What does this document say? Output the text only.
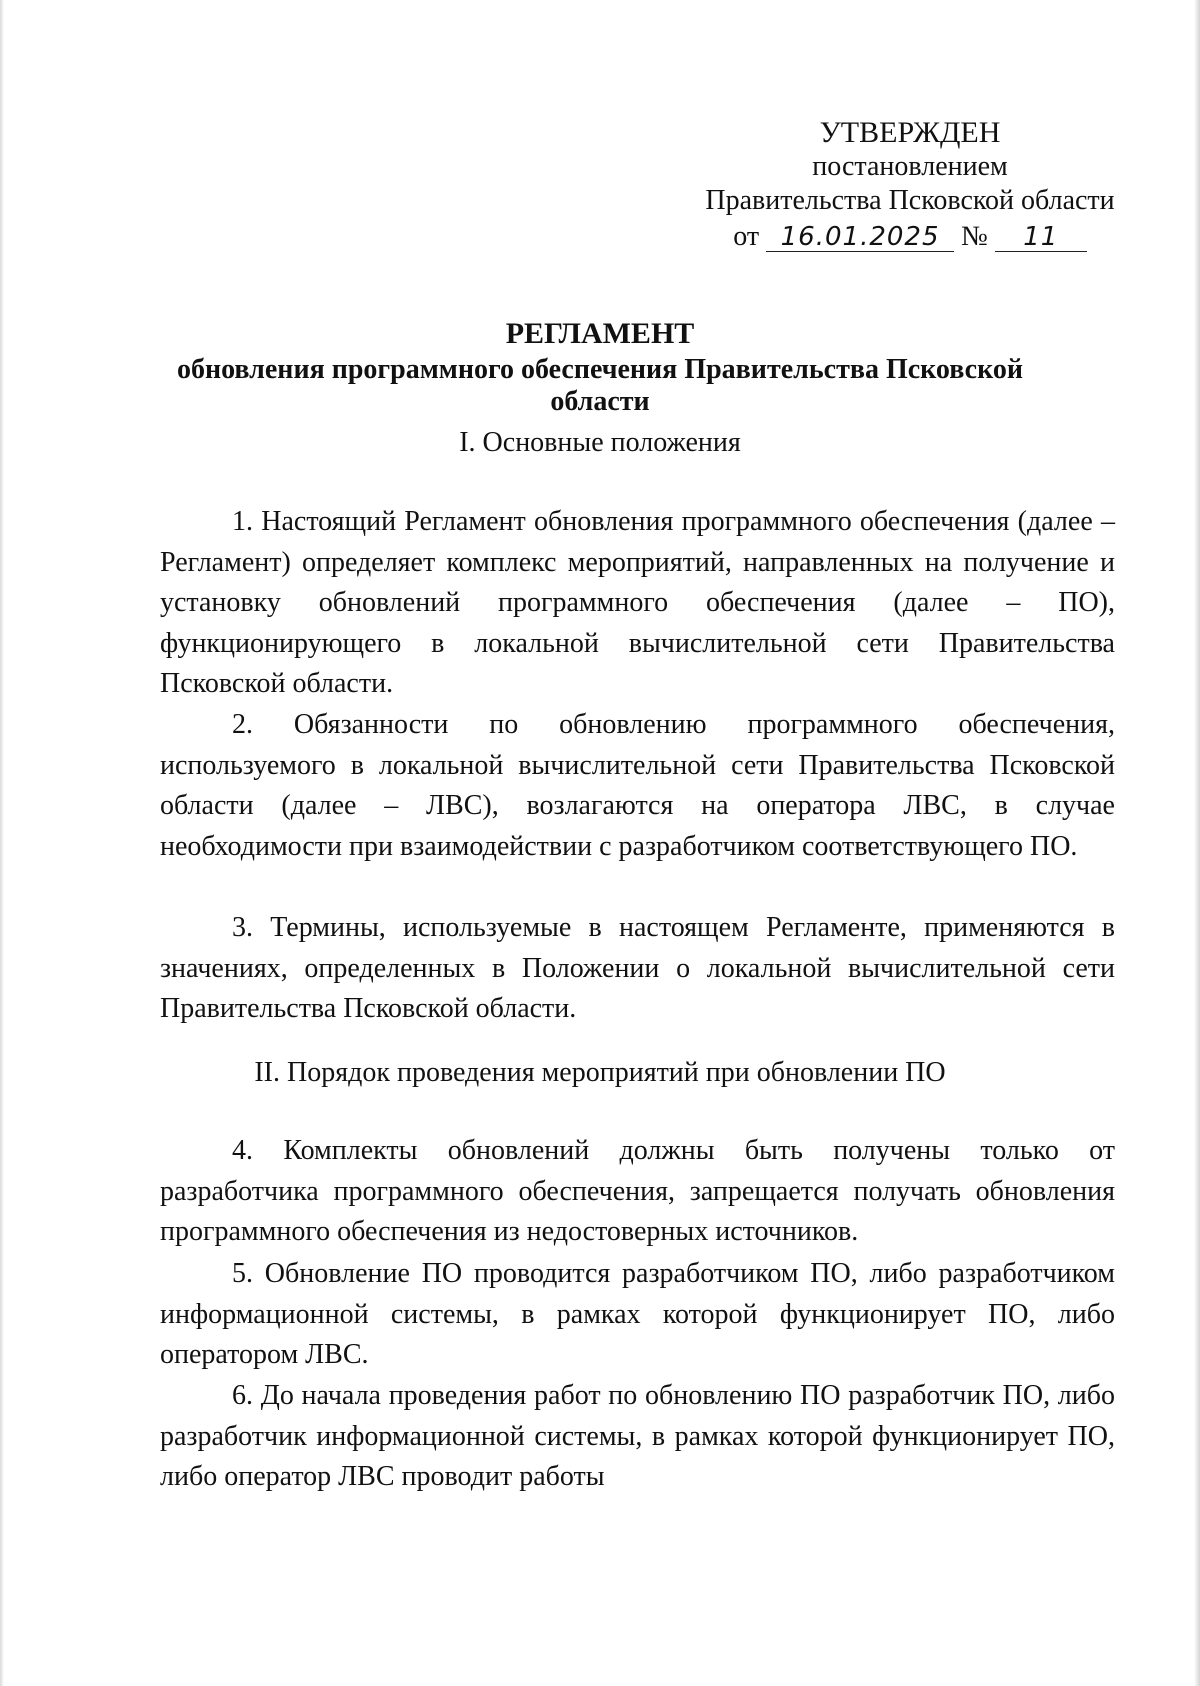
УТВЕРЖДЕН
постановлением
Правительства Псковской области
от 16.01.2025 № 11
РЕГЛАМЕНТ
обновления программного обеспечения Правительства Псковской области
I. Основные положения
1. Настоящий Регламент обновления программного обеспечения (далее – Регламент) определяет комплекс мероприятий, направленных на получение и установку обновлений программного обеспечения (далее – ПО), функционирующего в локальной вычислительной сети Правительства Псковской области.
2. Обязанности по обновлению программного обеспечения, используемого в локальной вычислительной сети Правительства Псковской области (далее – ЛВС), возлагаются на оператора ЛВС, в случае необходимости при взаимодействии с разработчиком соответствующего ПО.
3. Термины, используемые в настоящем Регламенте, применяются в значениях, определенных в Положении о локальной вычислительной сети Правительства Псковской области.
II. Порядок проведения мероприятий при обновлении ПО
4. Комплекты обновлений должны быть получены только от разработчика программного обеспечения, запрещается получать обновления программного обеспечения из недостоверных источников.
5. Обновление ПО проводится разработчиком ПО, либо разработчиком информационной системы, в рамках которой функционирует ПО, либо оператором ЛВС.
6. До начала проведения работ по обновлению ПО разработчик ПО, либо разработчик информационной системы, в рамках которой функционирует ПО, либо оператор ЛВС проводит работы
